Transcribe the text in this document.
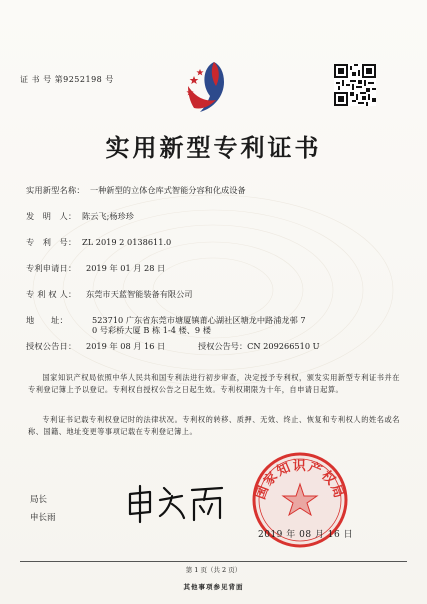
证 书 号 第9252198 号
实用新型专利证书
实用新型名称： 一种新型的立体仓库式智能分容和化成设备
发　明　人： 陈云飞;杨珍珍
专　利　号： ZL 2019 2 0138611.0
专利申请日： 2019 年 01 月 28 日
专 利 权 人： 东莞市天蓝智能装备有限公司
地　　址：	523710 广东省东莞市塘厦镇莆心湖社区塘龙中路浦龙邨 7
0 号彩桥大厦 B 栋 1-4 楼、9 楼
授权公告日： 2019 年 08 月 16 日	授权公告号：CN 209266510 U
国家知识产权局依照中华人民共和国专利法进行初步审查，决定授予专利权，颁发实用新型专利证书并在专利登记簿上予以登记。专利权自授权公告之日起生效。专利权期限为十年，自申请日起算。
专利证书记载专利权登记时的法律状况。专利权的转移、质押、无效、终止、恢复和专利权人的姓名或名称、国籍、地址变更等事项记载在专利登记簿上。
局长
申长雨
国家知识产权局
2019 年 08 月 16 日
第 1 页（共 2 页）
其他事项参见背面
